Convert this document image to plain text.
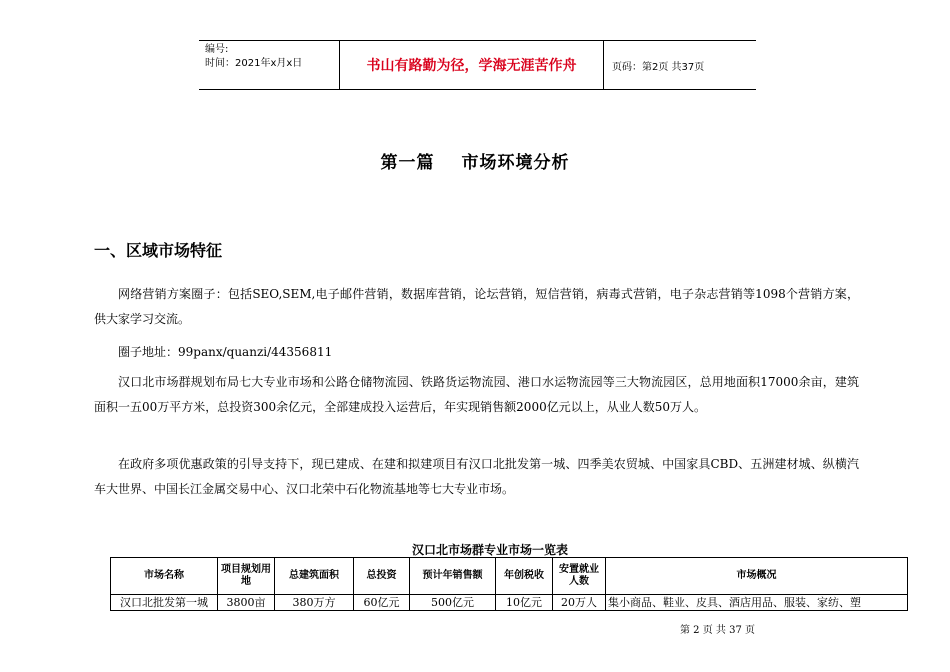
编号:
时间：2021年x月x日	书山有路勤为径，学海无涯苦作舟	页码：第2页 共37页
第一篇 市场环境分析
一、区域市场特征
网络营销方案圈子：包括SEO,SEM,电子邮件营销，数据库营销，论坛营销，短信营销，病毒式营销，电子杂志营销等1098个营销方案，供大家学习交流。
圈子地址：99panx/quanzi/44356811
汉口北市场群规划布局七大专业市场和公路仓储物流园、铁路货运物流园、港口水运物流园等三大物流园区，总用地面积17000余亩，建筑面积一五00万平方米，总投资300余亿元，全部建成投入运营后，年实现销售额2000亿元以上，从业人数50万人。
在政府多项优惠政策的引导支持下，现已建成、在建和拟建项目有汉口北批发第一城、四季美农贸城、中国家具CBD、五洲建材城、纵横汽车大世界、中国长江金属交易中心、汉口北荣中石化物流基地等七大专业市场。
汉口北市场群专业市场一览表
市场名称	项目规划用地	总建筑面积	总投资	预计年销售额	年创税收	安置就业人数	市场概况
汉口北批发第一城	3800亩	380万方	60亿元	500亿元	10亿元	20万人	集小商品、鞋业、皮具、酒店用品、服装、家纺、塑
第 2 页 共 37 页
